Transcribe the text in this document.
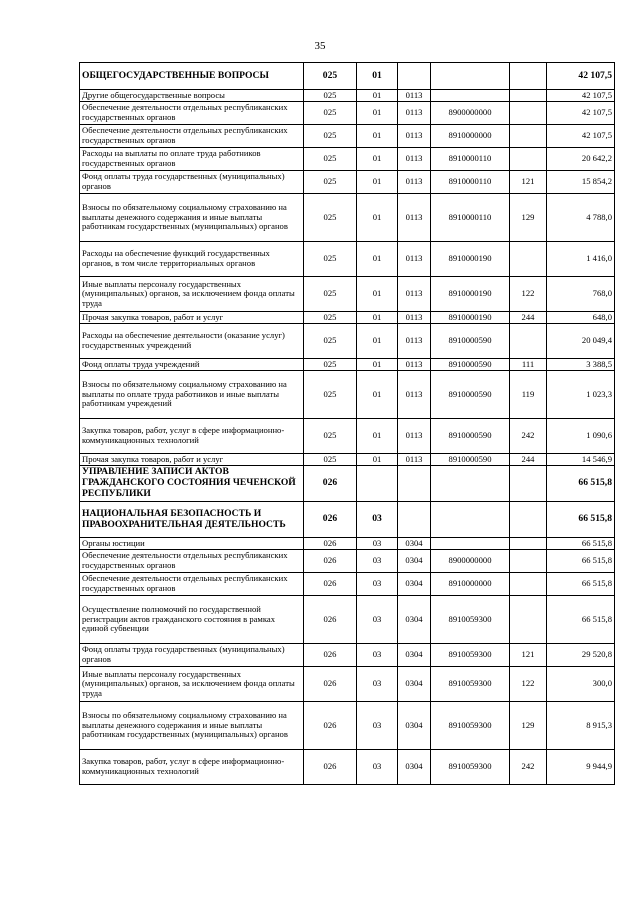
35
ОБЩЕГОСУДАРСТВЕННЫЕ ВОПРОСЫ	025	01				42 107,5
Другие общегосударственные вопросы	025	01	0113			42 107,5
Обеспечение деятельности отдельных республиканских государственных органов	025	01	0113	8900000000		42 107,5
Обеспечение деятельности отдельных республиканских государственных органов	025	01	0113	8910000000		42 107,5
Расходы на выплаты по оплате труда работников государственных органов	025	01	0113	8910000110		20 642,2
Фонд оплаты труда государственных (муниципальных) органов	025	01	0113	8910000110	121	15 854,2
Взносы по обязательному социальному страхованию на выплаты денежного содержания и иные выплаты работникам государственных (муниципальных) органов	025	01	0113	8910000110	129	4 788,0
Расходы на обеспечение функций государственных органов, в том числе территориальных органов	025	01	0113	8910000190		1 416,0
Иные выплаты персоналу государственных (муниципальных) органов, за исключением фонда оплаты труда	025	01	0113	8910000190	122	768,0
Прочая закупка товаров, работ и услуг	025	01	0113	8910000190	244	648,0
Расходы на обеспечение деятельности (оказание услуг) государственных учреждений	025	01	0113	8910000590		20 049,4
Фонд оплаты труда учреждений	025	01	0113	8910000590	111	3 388,5
Взносы по обязательному социальному страхованию на выплаты по оплате труда работников и иные выплаты работникам учреждений	025	01	0113	8910000590	119	1 023,3
Закупка товаров, работ, услуг в сфере информационно-коммуникационных технологий	025	01	0113	8910000590	242	1 090,6
Прочая закупка товаров, работ и услуг	025	01	0113	8910000590	244	14 546,9
УПРАВЛЕНИЕ ЗАПИСИ АКТОВ ГРАЖДАНСКОГО СОСТОЯНИЯ ЧЕЧЕНСКОЙ РЕСПУБЛИКИ	026					66 515,8
НАЦИОНАЛЬНАЯ БЕЗОПАСНОСТЬ И ПРАВООХРАНИТЕЛЬНАЯ ДЕЯТЕЛЬНОСТЬ	026	03				66 515,8
Органы юстиции	026	03	0304			66 515,8
Обеспечение деятельности отдельных республиканских государственных органов	026	03	0304	8900000000		66 515,8
Обеспечение деятельности отдельных республиканских государственных органов	026	03	0304	8910000000		66 515,8
Осуществление полномочий по государственной регистрации актов гражданского состояния в рамках единой субвенции	026	03	0304	8910059300		66 515,8
Фонд оплаты труда государственных (муниципальных) органов	026	03	0304	8910059300	121	29 520,8
Иные выплаты персоналу государственных (муниципальных) органов, за исключением фонда оплаты труда	026	03	0304	8910059300	122	300,0
Взносы по обязательному социальному страхованию на выплаты денежного содержания и иные выплаты работникам государственных (муниципальных) органов	026	03	0304	8910059300	129	8 915,3
Закупка товаров, работ, услуг в сфере информационно-коммуникационных технологий	026	03	0304	8910059300	242	9 944,9
